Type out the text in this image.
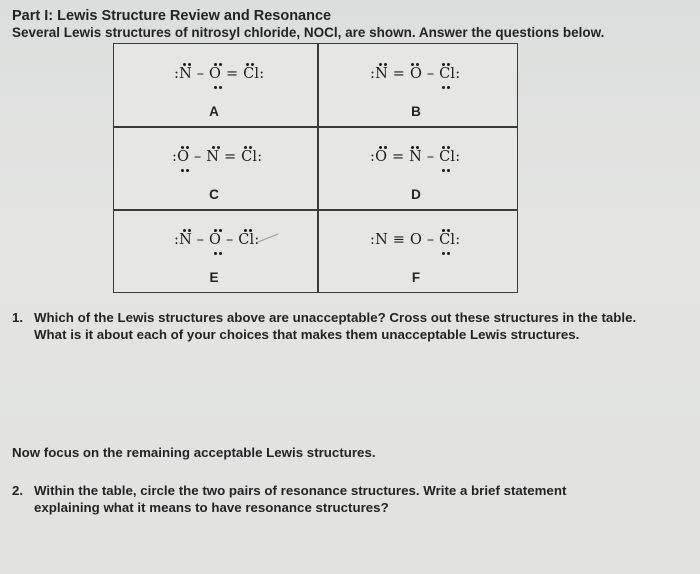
Part I: Lewis Structure Review and Resonance
Several Lewis structures of nitrosyl chloride, NOCl, are shown. Answer the questions below.
:N – O = Cl:
A
:N = O – Cl:
B
:O – N = Cl:
C
:O = N – Cl:
D
:N – O – Cl:
E
:N ≡ O – Cl:
F
1. Which of the Lewis structures above are unacceptable? Cross out these structures in the table.
What is it about each of your choices that makes them unacceptable Lewis structures.
Now focus on the remaining acceptable Lewis structures.
2. Within the table, circle the two pairs of resonance structures. Write a brief statement
explaining what it means to have resonance structures?
